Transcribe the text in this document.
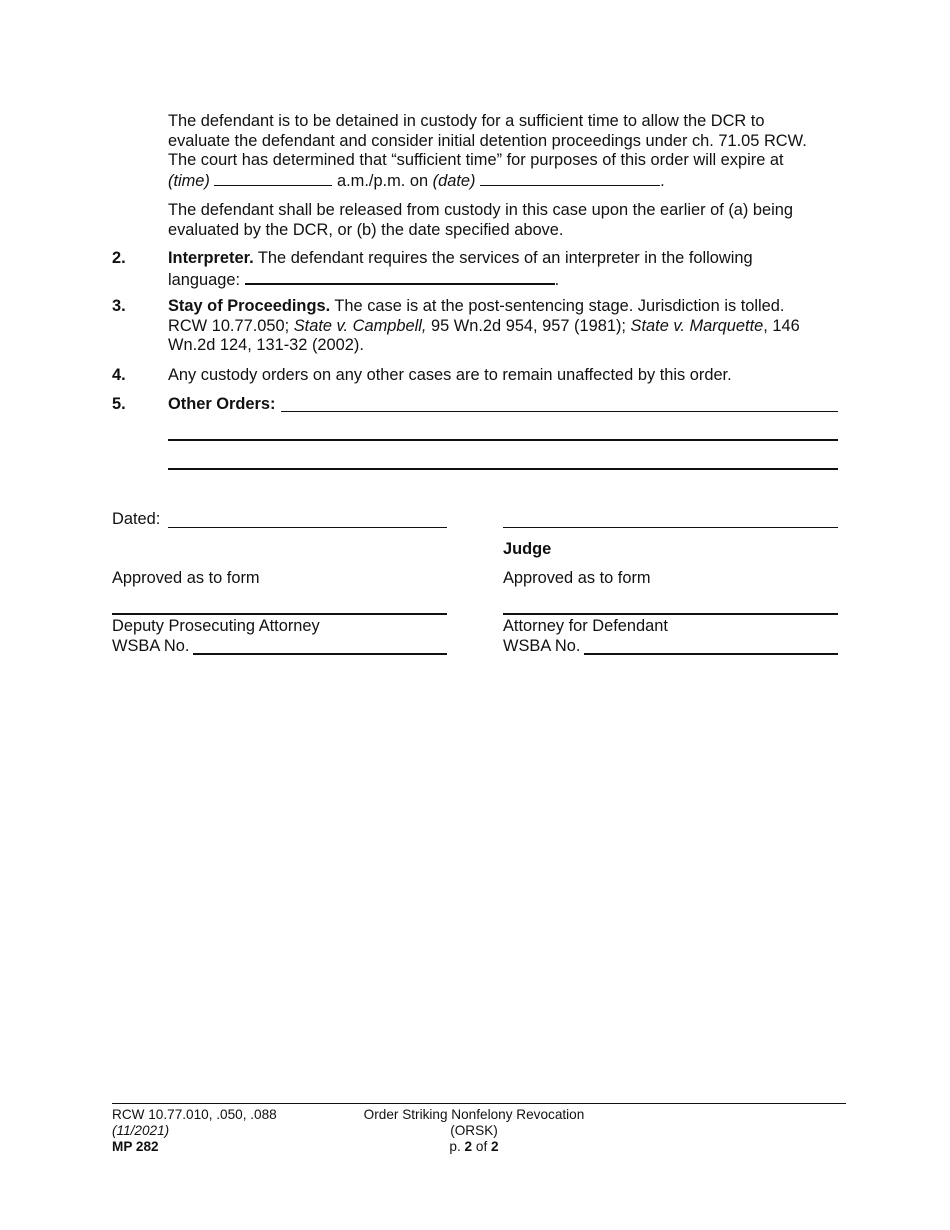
The defendant is to be detained in custody for a sufficient time to allow the DCR to
evaluate the defendant and consider initial detention proceedings under ch. 71.05 RCW.
The court has determined that “sufficient time” for purposes of this order will expire at
(time)	a.m./p.m. on (date)	.
The defendant shall be released from custody in this case upon the earlier of (a) being
evaluated by the DCR, or (b) the date specified above.
2.	Interpreter. The defendant requires the services of an interpreter in the following
language:	.
3.	Stay of Proceedings. The case is at the post-sentencing stage. Jurisdiction is tolled.
RCW 10.77.050; State v. Campbell, 95 Wn.2d 954, 957 (1981); State v. Marquette, 146
Wn.2d 124, 131-32 (2002).
4.	Any custody orders on any other cases are to remain unaffected by this order.
5.	Other Orders:
Dated:
Judge
Approved as to form	Approved as to form
Deputy Prosecuting Attorney
WSBA No.
Attorney for Defendant
WSBA No.
RCW 10.77.010, .050, .088
(11/2021)
MP 282
Order Striking Nonfelony Revocation
(ORSK)
p. 2 of 2
